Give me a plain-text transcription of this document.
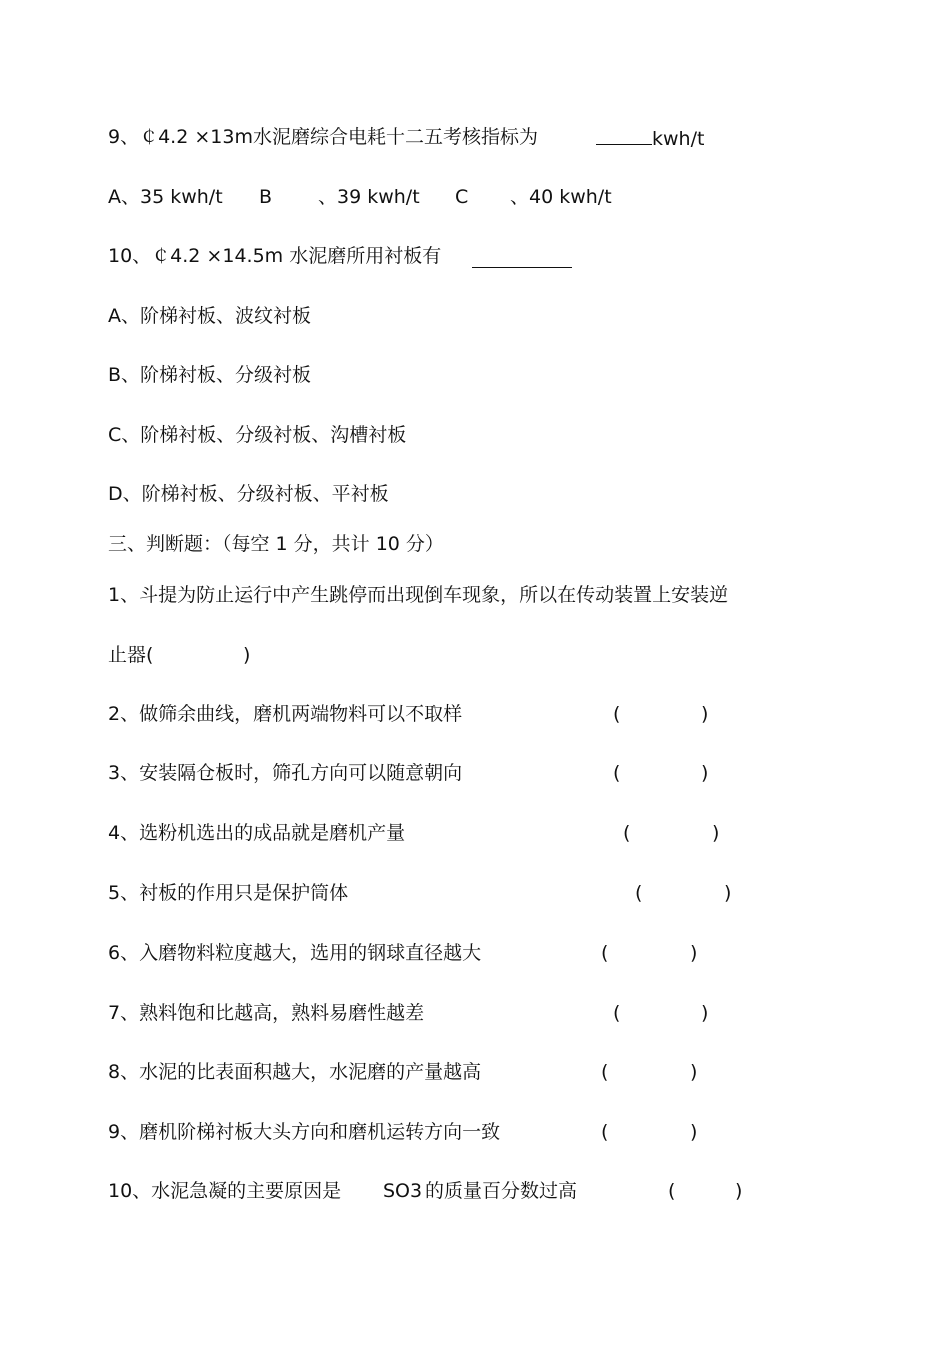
9、￠4.2 ×13m水泥磨综合电耗十二五考核指标为	kwh/t
A、35 kwh/t B 、39 kwh/t C 、40 kwh/t
10、￠4.2 ×14.5m 水泥磨所用衬板有
A、阶梯衬板、波纹衬板
B、阶梯衬板、分级衬板
C、阶梯衬板、分级衬板、沟槽衬板
D、阶梯衬板、分级衬板、平衬板
三、判断题：（每空 1 分，共计 10 分）
1、斗提为防止运行中产生跳停而出现倒车现象，所以在传动装置上安装逆
止器(	)
2、做筛余曲线，磨机两端物料可以不取样	(	)
3、安装隔仓板时，筛孔方向可以随意朝向	(	)
4、选粉机选出的成品就是磨机产量	(	)
5、衬板的作用只是保护筒体	(	)
6、入磨物料粒度越大，选用的钢球直径越大	(	)
7、熟料饱和比越高，熟料易磨性越差	(	)
8、水泥的比表面积越大，水泥磨的产量越高	(	)
9、磨机阶梯衬板大头方向和磨机运转方向一致	(	)
10、水泥急凝的主要原因是 SO3 的质量百分数过高	(	)
